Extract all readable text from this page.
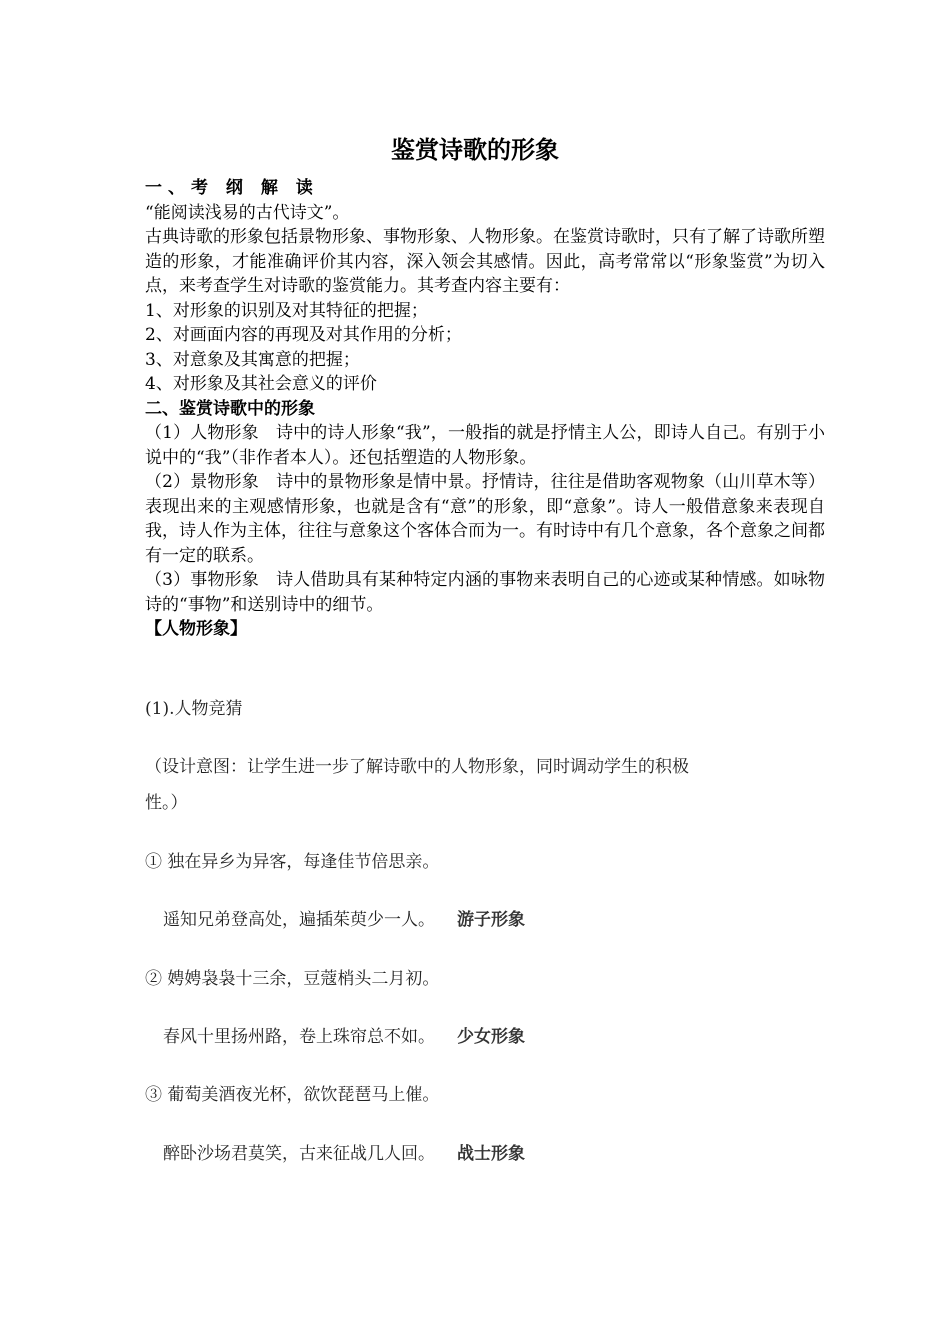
鉴赏诗歌的形象

一、考 纲 解 读

“能阅读浅易的古代诗文”。

古典诗歌的形象包括景物形象、事物形象、人物形象。在鉴赏诗歌时，只有了解了诗歌所塑造的形象，才能准确评价其内容，深入领会其感情。因此，高考常常以“形象鉴赏”为切入点，来考查学生对诗歌的鉴赏能力。其考查内容主要有：

1、对形象的识别及对其特征的把握；

2、对画面内容的再现及对其作用的分析；

3、对意象及其寓意的把握；

4、对形象及其社会意义的评价

二、鉴赏诗歌中的形象

（1）人物形象　诗中的诗人形象“我”，一般指的就是抒情主人公，即诗人自己。有别于小说中的“我”（非作者本人）。还包括塑造的人物形象。

（2）景物形象　诗中的景物形象是情中景。抒情诗，往往是借助客观物象（山川草木等）表现出来的主观感情形象，也就是含有“意”的形象，即“意象”。诗人一般借意象来表现自我，诗人作为主体，往往与意象这个客体合而为一。有时诗中有几个意象，各个意象之间都有一定的联系。

（3）事物形象　诗人借助具有某种特定内涵的事物来表明自己的心迹或某种情感。如咏物诗的“事物”和送别诗中的细节。

【人物形象】

(1).人物竞猜
（设计意图：让学生进一步了解诗歌中的人物形象，同时调动学生的积极
性。）
① 独在异乡为异客，每逢佳节倍思亲。
遥知兄弟登高处，遍插茱萸少一人。 游子形象
② 娉娉袅袅十三余，豆蔻梢头二月初。
春风十里扬州路，卷上珠帘总不如。 少女形象
③ 葡萄美酒夜光杯，欲饮琵琶马上催。
醉卧沙场君莫笑，古来征战几人回。 战士形象
